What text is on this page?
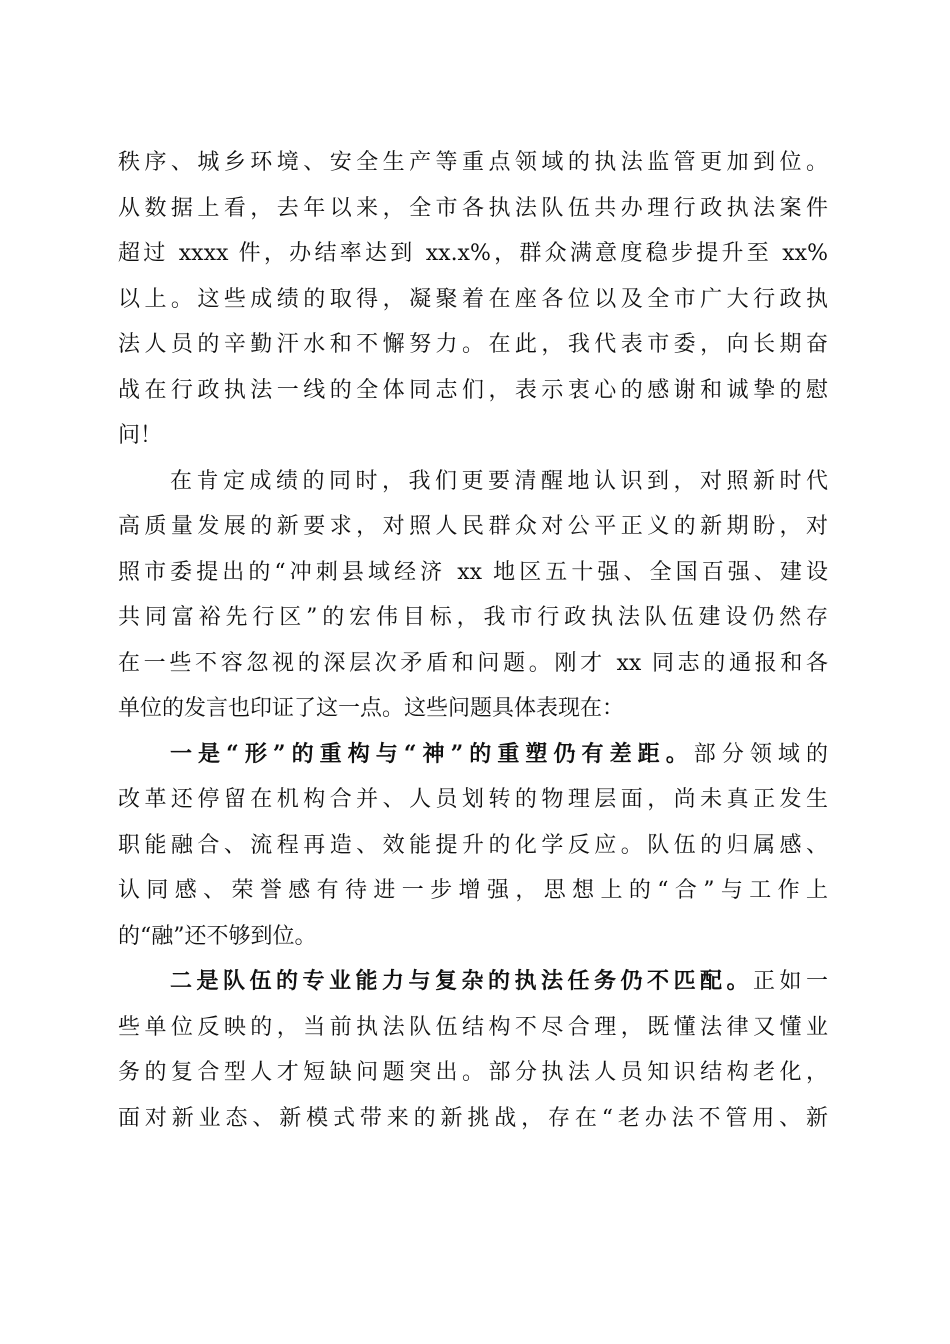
秩序、城乡环境、安全生产等重点领域的执法监管更加到位。
从数据上看，去年以来，全市各执法队伍共办理行政执法案件
超过 xxxx 件，办结率达到 xx.x%，群众满意度稳步提升至 xx%
以上。这些成绩的取得，凝聚着在座各位以及全市广大行政执
法人员的辛勤汗水和不懈努力。在此，我代表市委，向长期奋
战在行政执法一线的全体同志们，表示衷心的感谢和诚挚的慰
问！
在肯定成绩的同时，我们更要清醒地认识到，对照新时代
高质量发展的新要求，对照人民群众对公平正义的新期盼，对
照市委提出的“冲刺县域经济 xx 地区五十强、全国百强、建设
共同富裕先行区”的宏伟目标，我市行政执法队伍建设仍然存
在一些不容忽视的深层次矛盾和问题。刚才 xx 同志的通报和各
单位的发言也印证了这一点。这些问题具体表现在：
一是“形”的重构与“神”的重塑仍有差距。部分领域的
改革还停留在机构合并、人员划转的物理层面，尚未真正发生
职能融合、流程再造、效能提升的化学反应。队伍的归属感、
认同感、荣誉感有待进一步增强，思想上的“合”与工作上
的“融”还不够到位。
二是队伍的专业能力与复杂的执法任务仍不匹配。正如一
些单位反映的，当前执法队伍结构不尽合理，既懂法律又懂业
务的复合型人才短缺问题突出。部分执法人员知识结构老化，
面对新业态、新模式带来的新挑战，存在“老办法不管用、新
